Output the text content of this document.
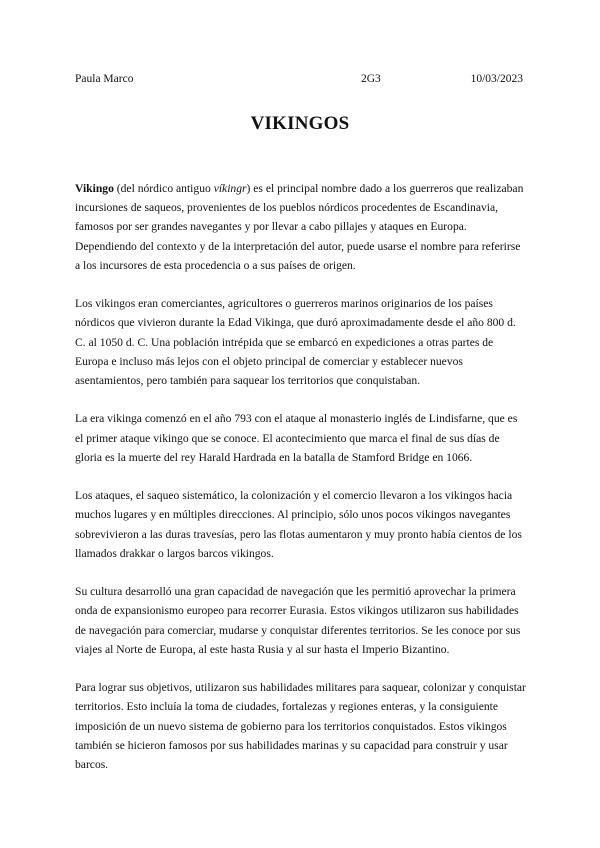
Paula Marco	2G3	10/03/2023
VIKINGOS

Vikingo (del nórdico antiguo víkingr) es el principal nombre dado a los guerreros que realizaban incursiones de saqueos, provenientes de los pueblos nórdicos procedentes de Escandinavia, famosos por ser grandes navegantes y por llevar a cabo pillajes y ataques en Europa.

Dependiendo del contexto y de la interpretación del autor, puede usarse el nombre para referirse a los incursores de esta procedencia o a sus países de origen.

Los vikingos eran comerciantes, agricultores o guerreros marinos originarios de los países nórdicos que vivieron durante la Edad Vikinga, que duró aproximadamente desde el año 800 d. C. al 1050 d. C. Una población intrépida que se embarcó en expediciones a otras partes de Europa e incluso más lejos con el objeto principal de comerciar y establecer nuevos asentamientos, pero también para saquear los territorios que conquistaban.

La era vikinga comenzó en el año 793 con el ataque al monasterio inglés de Lindisfarne, que es el primer ataque vikingo que se conoce. El acontecimiento que marca el final de sus días de gloria es la muerte del rey Harald Hardrada en la batalla de Stamford Bridge en 1066.

Los ataques, el saqueo sistemático, la colonización y el comercio llevaron a los vikingos hacia muchos lugares y en múltiples direcciones. Al principio, sólo unos pocos vikingos navegantes sobrevivieron a las duras travesías, pero las flotas aumentaron y muy pronto había cientos de los llamados drakkar o largos barcos vikingos.

Su cultura desarrolló una gran capacidad de navegación que les permitió aprovechar la primera onda de expansionismo europeo para recorrer Eurasia. Estos vikingos utilizaron sus habilidades de navegación para comerciar, mudarse y conquistar diferentes territorios. Se les conoce por sus viajes al Norte de Europa, al este hasta Rusia y al sur hasta el Imperio Bizantino.

Para lograr sus objetivos, utilizaron sus habilidades militares para saquear, colonizar y conquistar territorios. Esto incluía la toma de ciudades, fortalezas y regiones enteras, y la consiguiente imposición de un nuevo sistema de gobierno para los territorios conquistados. Estos vikingos también se hicieron famosos por sus habilidades marinas y su capacidad para construir y usar barcos.
